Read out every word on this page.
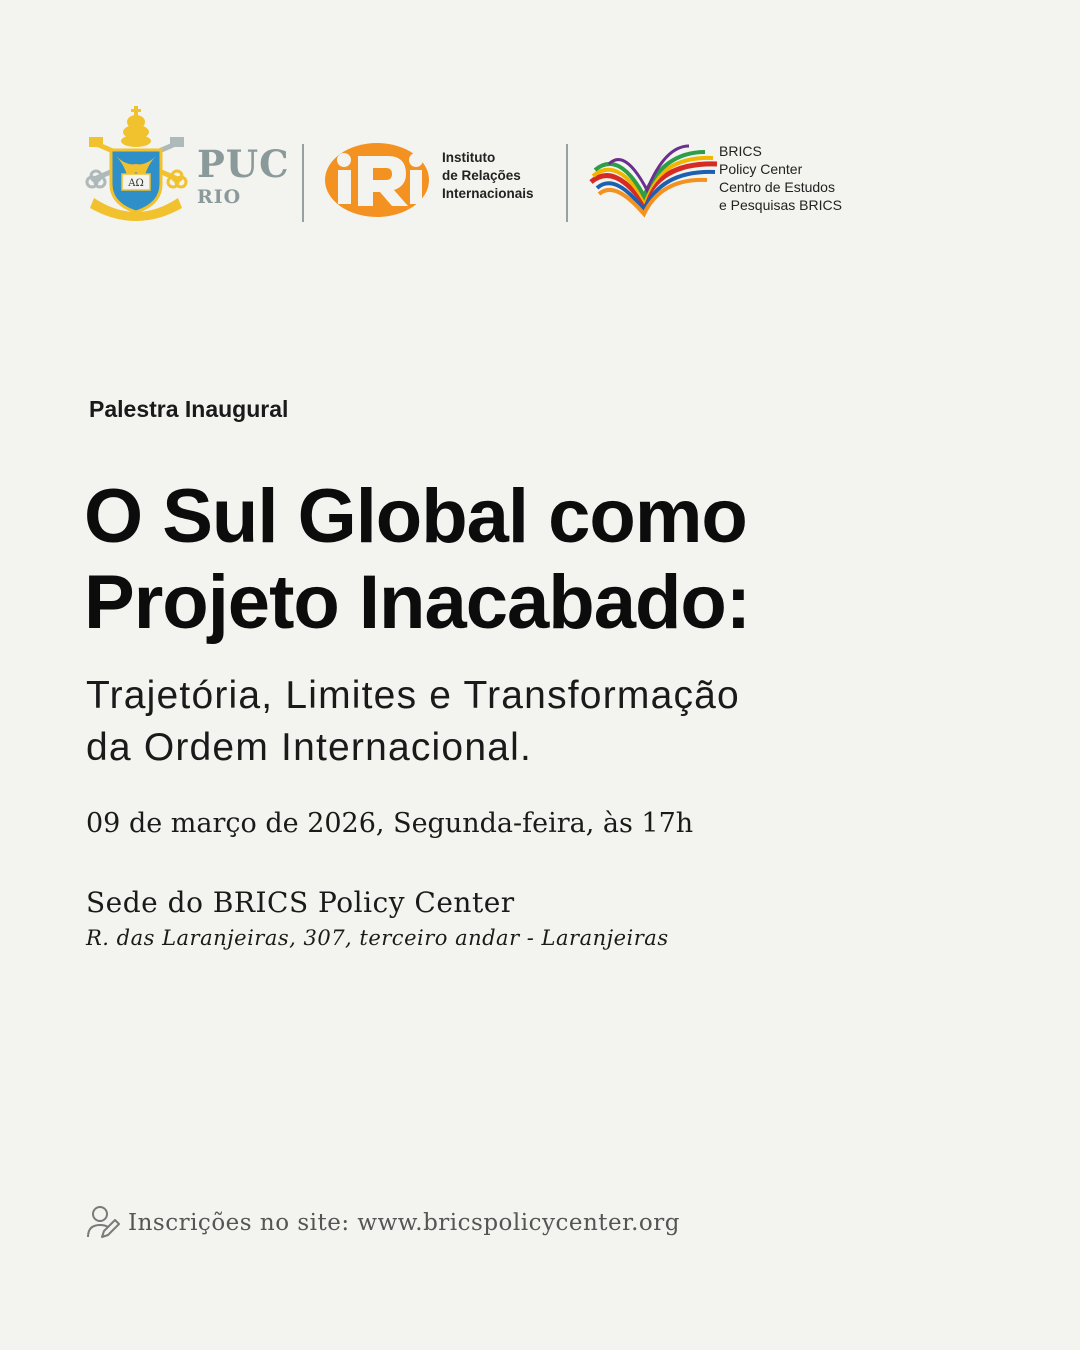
ΑΩ PUC
RIO
Instituto
de Relações
Internacionais
BRICS
Policy Center
Centro de Estudos
e Pesquisas BRICS
Palestra Inaugural
O Sul Global como
Projeto Inacabado:
Trajetória, Limites e Transformação
da Ordem Internacional.
09 de março de 2026, Segunda-feira, às 17h
Sede do BRICS Policy Center
R. das Laranjeiras, 307, terceiro andar - Laranjeiras
Inscrições no site: www.bricspolicycenter.org
